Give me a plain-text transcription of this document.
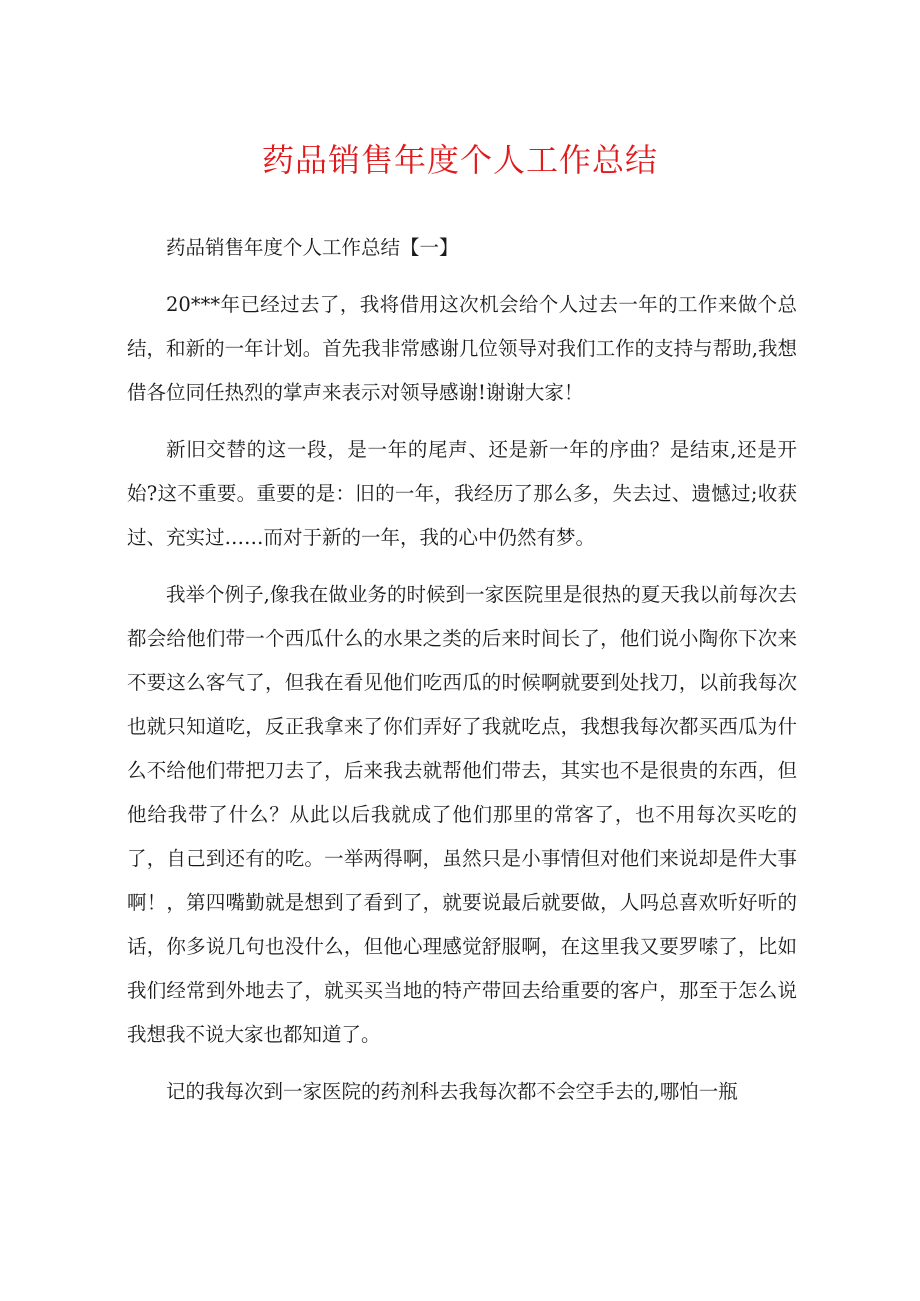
药品销售年度个人工作总结

药品销售年度个人工作总结【一】

20***年已经过去了，我将借用这次机会给个人过去一年的工作来做个总结，和新的一年计划。首先我非常感谢几位领导对我们工作的支持与帮助,我想借各位同任热烈的掌声来表示对领导感谢!谢谢大家！

新旧交替的这一段，是一年的尾声、还是新一年的序曲？是结束,还是开始?这不重要。重要的是：旧的一年，我经历了那么多，失去过、遗憾过;收获过、充实过……而对于新的一年，我的心中仍然有梦。

我举个例子,像我在做业务的时候到一家医院里是很热的夏天我以前每次去都会给他们带一个西瓜什么的水果之类的后来时间长了，他们说小陶你下次来不要这么客气了，但我在看见他们吃西瓜的时候啊就要到处找刀，以前我每次也就只知道吃，反正我拿来了你们弄好了我就吃点，我想我每次都买西瓜为什么不给他们带把刀去了，后来我去就帮他们带去，其实也不是很贵的东西，但他给我带了什么？从此以后我就成了他们那里的常客了，也不用每次买吃的了，自己到还有的吃。一举两得啊，虽然只是小事情但对他们来说却是件大事啊！，第四嘴勤就是想到了看到了，就要说最后就要做，人吗总喜欢听好听的话，你多说几句也没什么，但他心理感觉舒服啊，在这里我又要罗嗦了，比如我们经常到外地去了，就买买当地的特产带回去给重要的客户，那至于怎么说我想我不说大家也都知道了。

记的我每次到一家医院的药剂科去我每次都不会空手去的,哪怕一瓶
